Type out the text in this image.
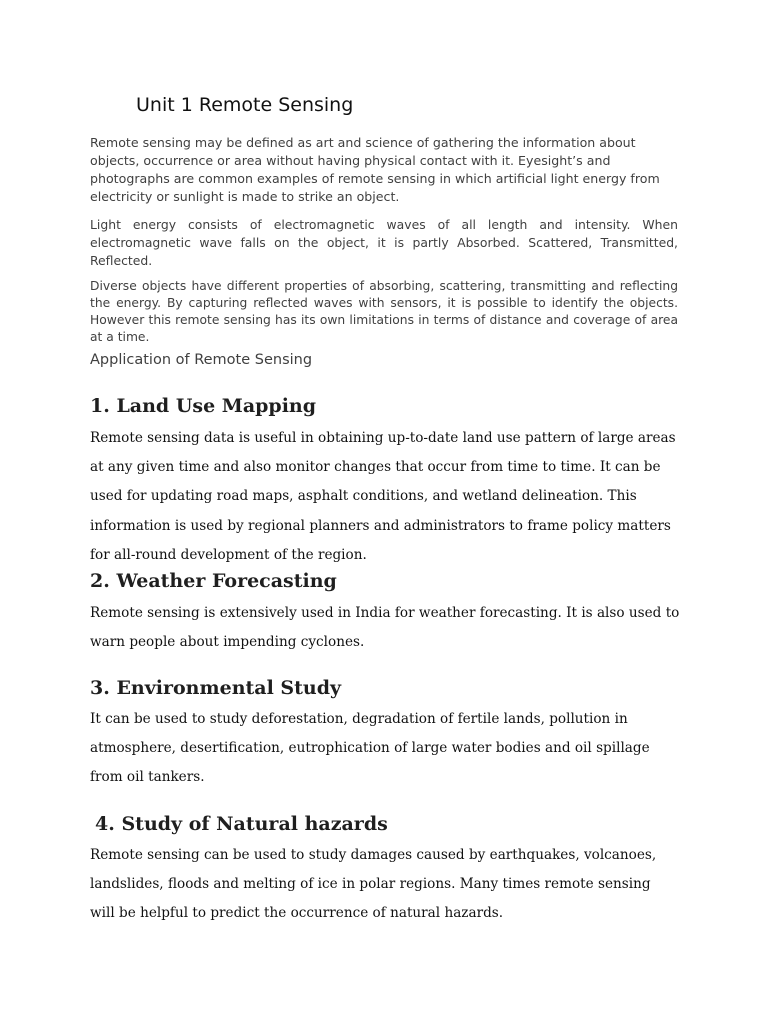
Unit 1 Remote Sensing

Remote sensing may be defined as art and science of gathering the information about objects, occurrence or area without having physical contact with it. Eyesight’s and photographs are common examples of remote sensing in which artificial light energy from electricity or sunlight is made to strike an object.

Light energy consists of electromagnetic waves of all length and intensity. When electromagnetic wave falls on the object, it is partly Absorbed. Scattered, Transmitted, Reflected.

Diverse objects have different properties of absorbing, scattering, transmitting and reflecting the energy. By capturing reflected waves with sensors, it is possible to identify the objects. However this remote sensing has its own limitations in terms of distance and coverage of area at a time.

Application of Remote Sensing
1. Land Use Mapping
Remote sensing data is useful in obtaining up-to-date land use pattern of large areas
at any given time and also monitor changes that occur from time to time. It can be
used for updating road maps, asphalt conditions, and wetland delineation. This
information is used by regional planners and administrators to frame policy matters
for all-round development of the region.
2. Weather Forecasting
Remote sensing is extensively used in India for weather forecasting. It is also used to
warn people about impending cyclones.
3. Environmental Study
It can be used to study deforestation, degradation of fertile lands, pollution in
atmosphere, desertification, eutrophication of large water bodies and oil spillage
from oil tankers.
4. Study of Natural hazards
Remote sensing can be used to study damages caused by earthquakes, volcanoes,
landslides, floods and melting of ice in polar regions. Many times remote sensing
will be helpful to predict the occurrence of natural hazards.
